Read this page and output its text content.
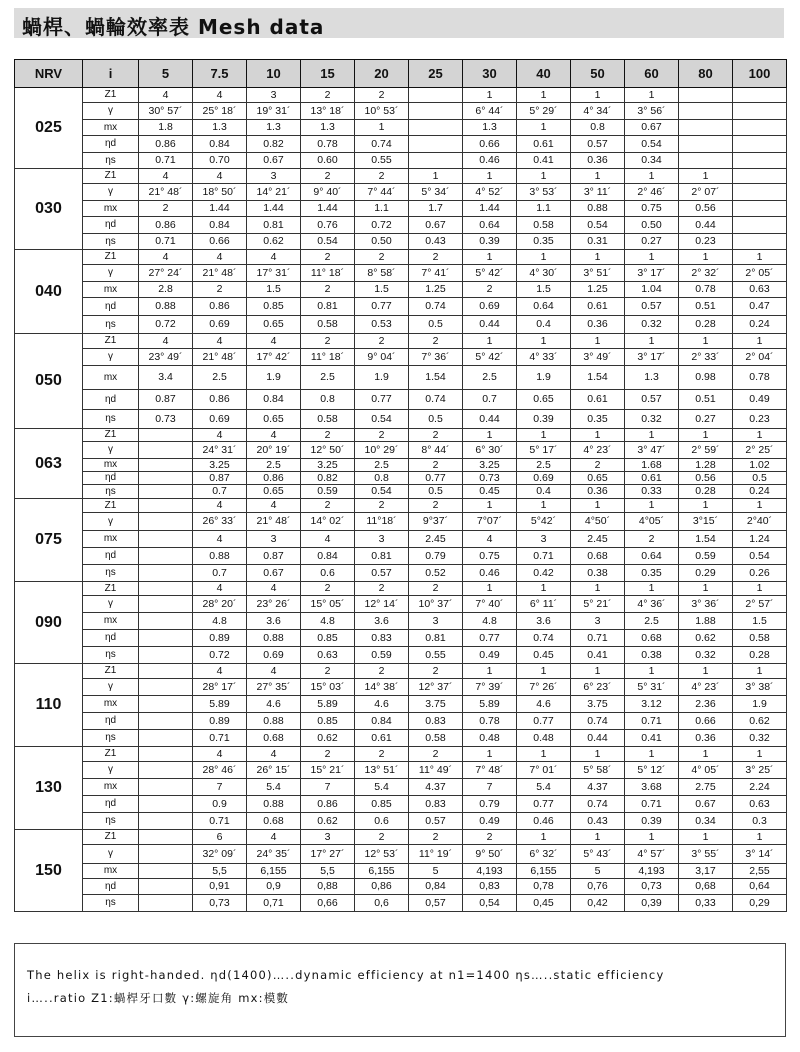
蝸桿、蝸輪效率表 Mesh data
NRV	i	5	7.5	10	15	20	25	30	40	50	60	80	100
025	Z1	4	4	3	2	2		1	1	1	1		
	γ	30° 57´	25° 18´	19° 31´	13° 18´	10° 53´		6° 44´	5° 29´	4° 34´	3° 56´		
	mx	1.8	1.3	1.3	1.3	1		1.3	1	0.8	0.67		
	ηd	0.86	0.84	0.82	0.78	0.74		0.66	0.61	0.57	0.54		
	ηs	0.71	0.70	0.67	0.60	0.55		0.46	0.41	0.36	0.34		
030	Z1	4	4	3	2	2	1	1	1	1	1	1	
	γ	21° 48´	18° 50´	14° 21´	9° 40´	7° 44´	5° 34´	4° 52´	3° 53´	3° 11´	2° 46´	2° 07´	
	mx	2	1.44	1.44	1.44	1.1	1.7	1.44	1.1	0.88	0.75	0.56	
	ηd	0.86	0.84	0.81	0.76	0.72	0.67	0.64	0.58	0.54	0.50	0.44	
	ηs	0.71	0.66	0.62	0.54	0.50	0.43	0.39	0.35	0.31	0.27	0.23	
040	Z1	4	4	4	2	2	2	1	1	1	1	1	1
	γ	27° 24´	21° 48´	17° 31´	11° 18´	8° 58´	7° 41´	5° 42´	4° 30´	3° 51´	3° 17´	2° 32´	2° 05´
	mx	2.8	2	1.5	2	1.5	1.25	2	1.5	1.25	1.04	0.78	0.63
	ηd	0.88	0.86	0.85	0.81	0.77	0.74	0.69	0.64	0.61	0.57	0.51	0.47
	ηs	0.72	0.69	0.65	0.58	0.53	0.5	0.44	0.4	0.36	0.32	0.28	0.24
050	Z1	4	4	4	2	2	2	1	1	1	1	1	1
	γ	23° 49´	21° 48´	17° 42´	11° 18´	9° 04´	7° 36´	5° 42´	4° 33´	3° 49´	3° 17´	2° 33´	2° 04´
	mx	3.4	2.5	1.9	2.5	1.9	1.54	2.5	1.9	1.54	1.3	0.98	0.78
	ηd	0.87	0.86	0.84	0.8	0.77	0.74	0.7	0.65	0.61	0.57	0.51	0.49
	ηs	0.73	0.69	0.65	0.58	0.54	0.5	0.44	0.39	0.35	0.32	0.27	0.23
063	Z1		4	4	2	2	2	1	1	1	1	1	1
	γ		24° 31´	20° 19´	12° 50´	10° 29´	8° 44´	6° 30´	5° 17´	4° 23´	3° 47´	2° 59´	2° 25´
	mx		3.25	2.5	3.25	2.5	2	3.25	2.5	2	1.68	1.28	1.02
	ηd		0.87	0.86	0.82	0.8	0.77	0.73	0.69	0.65	0.61	0.56	0.5
	ηs		0.7	0.65	0.59	0.54	0.5	0.45	0.4	0.36	0.33	0.28	0.24
075	Z1		4	4	2	2	2	1	1	1	1	1	1
	γ		26° 33´	21° 48´	14° 02´	11°18´	9°37´	7°07´	5°42´	4°50´	4°05´	3°15´	2°40´
	mx		4	3	4	3	2.45	4	3	2.45	2	1.54	1.24
	ηd		0.88	0.87	0.84	0.81	0.79	0.75	0.71	0.68	0.64	0.59	0.54
	ηs		0.7	0.67	0.6	0.57	0.52	0.46	0.42	0.38	0.35	0.29	0.26
090	Z1		4	4	2	2	2	1	1	1	1	1	1
	γ		28° 20´	23° 26´	15° 05´	12° 14´	10° 37´	7° 40´	6° 11´	5° 21´	4° 36´	3° 36´	2° 57´
	mx		4.8	3.6	4.8	3.6	3	4.8	3.6	3	2.5	1.88	1.5
	ηd		0.89	0.88	0.85	0.83	0.81	0.77	0.74	0.71	0.68	0.62	0.58
	ηs		0.72	0.69	0.63	0.59	0.55	0.49	0.45	0.41	0.38	0.32	0.28
110	Z1		4	4	2	2	2	1	1	1	1	1	1
	γ		28° 17´	27° 35´	15° 03´	14° 38´	12° 37´	7° 39´	7° 26´	6° 23´	5° 31´	4° 23´	3° 38´
	mx		5.89	4.6	5.89	4.6	3.75	5.89	4.6	3.75	3.12	2.36	1.9
	ηd		0.89	0.88	0.85	0.84	0.83	0.78	0.77	0.74	0.71	0.66	0.62
	ηs		0.71	0.68	0.62	0.61	0.58	0.48	0.48	0.44	0.41	0.36	0.32
130	Z1		4	4	2	2	2	1	1	1	1	1	1
	γ		28° 46´	26° 15´	15° 21´	13° 51´	11° 49´	7° 48´	7° 01´	5° 58´	5° 12´	4° 05´	3° 25´
	mx		7	5.4	7	5.4	4.37	7	5.4	4.37	3.68	2.75	2.24
	ηd		0.9	0.88	0.86	0.85	0.83	0.79	0.77	0.74	0.71	0.67	0.63
	ηs		0.71	0.68	0.62	0.6	0.57	0.49	0.46	0.43	0.39	0.34	0.3
150	Z1		6	4	3	2	2	2	1	1	1	1	1
	γ		32° 09´	24° 35´	17° 27´	12° 53´	11° 19´	9° 50´	6° 32´	5° 43´	4° 57´	3° 55´	3° 14´
	mx		5,5	6,155	5,5	6,155	5	4,193	6,155	5	4,193	3,17	2,55
	ηd		0,91	0,9	0,88	0,86	0,84	0,83	0,78	0,76	0,73	0,68	0,64
	ηs		0,73	0,71	0,66	0,6	0,57	0,54	0,45	0,42	0,39	0,33	0,29
The helix is right-handed. ηd(1400)…..dynamic efficiency at n1=1400 ηs…..static efficiency
i…..ratio Z1:蝸桿牙口數 γ:螺旋角 mx:模數
